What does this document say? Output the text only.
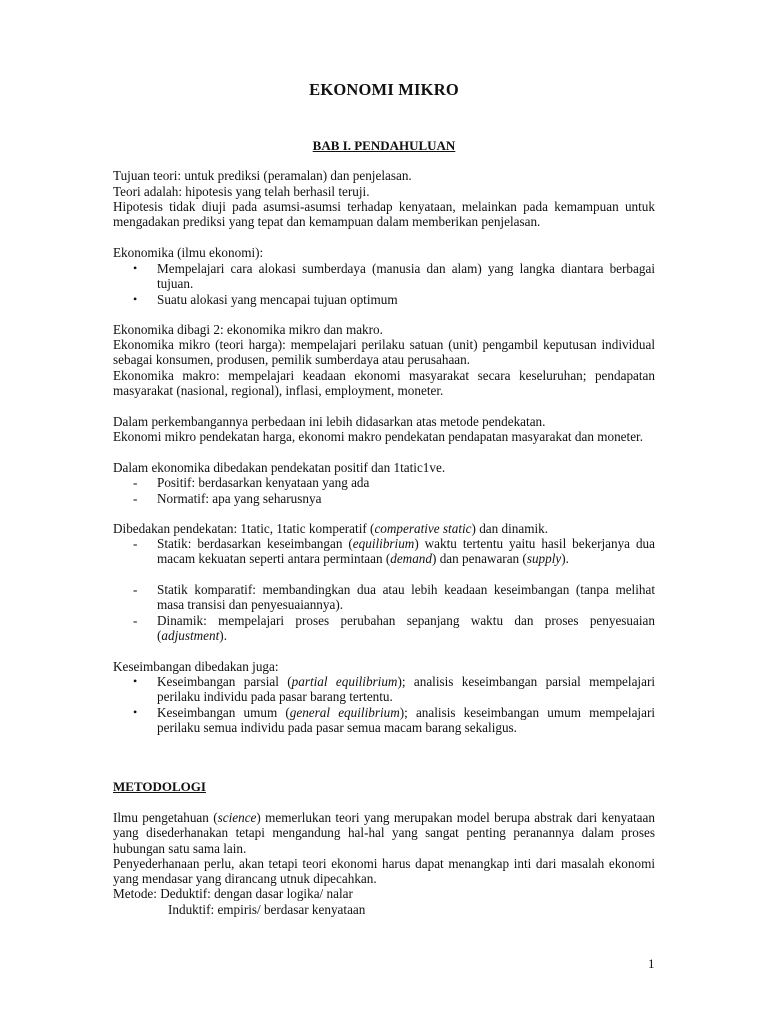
EKONOMI MIKRO
BAB I. PENDAHULUAN

Tujuan teori: untuk prediksi (peramalan) dan penjelasan.

Teori adalah: hipotesis yang telah berhasil teruji.

Hipotesis tidak diuji pada asumsi-asumsi terhadap kenyataan, melainkan pada kemampuan untuk mengadakan prediksi yang tepat dan kemampuan dalam memberikan penjelasan.

Ekonomika (ilmu ekonomi):

•	Mempelajari cara alokasi sumberdaya (manusia dan alam) yang langka diantara berbagai tujuan.
•	Suatu alokasi yang mencapai tujuan optimum

Ekonomika dibagi 2: ekonomika mikro dan makro.

Ekonomika mikro (teori harga): mempelajari perilaku satuan (unit) pengambil keputusan individual sebagai konsumen, produsen, pemilik sumberdaya atau perusahaan.

Ekonomika makro: mempelajari keadaan ekonomi masyarakat secara keseluruhan; pendapatan masyarakat (nasional, regional), inflasi, employment, moneter.

Dalam perkembangannya perbedaan ini lebih didasarkan atas metode pendekatan.

Ekonomi mikro pendekatan harga, ekonomi makro pendekatan pendapatan masyarakat dan moneter.

Dalam ekonomika dibedakan pendekatan positif dan 1tatic1ve.

-	Positif: berdasarkan kenyataan yang ada
-	Normatif: apa yang seharusnya

Dibedakan pendekatan: 1tatic, 1tatic komperatif (comperative static) dan dinamik.

-	Statik: berdasarkan keseimbangan (equilibrium) waktu tertentu yaitu hasil bekerjanya dua macam kekuatan seperti antara permintaan (demand) dan penawaran (supply).
-	Statik komparatif: membandingkan dua atau lebih keadaan keseimbangan (tanpa melihat masa transisi dan penyesuaiannya).
-	Dinamik: mempelajari proses perubahan sepanjang waktu dan proses penyesuaian (adjustment).

Keseimbangan dibedakan juga:

•	Keseimbangan parsial (partial equilibrium); analisis keseimbangan parsial mempelajari perilaku individu pada pasar barang tertentu.
•	Keseimbangan umum (general equilibrium); analisis keseimbangan umum mempelajari perilaku semua individu pada pasar semua macam barang sekaligus.
METODOLOGI

Ilmu pengetahuan (science) memerlukan teori yang merupakan model berupa abstrak dari kenyataan yang disederhanakan tetapi mengandung hal-hal yang sangat penting peranannya dalam proses hubungan satu sama lain.

Penyederhanaan perlu, akan tetapi teori ekonomi harus dapat menangkap inti dari masalah ekonomi yang mendasar yang dirancang utnuk dipecahkan.

Metode: Deduktif: dengan dasar logika/ nalar

Induktif: empiris/ berdasar kenyataan

1
